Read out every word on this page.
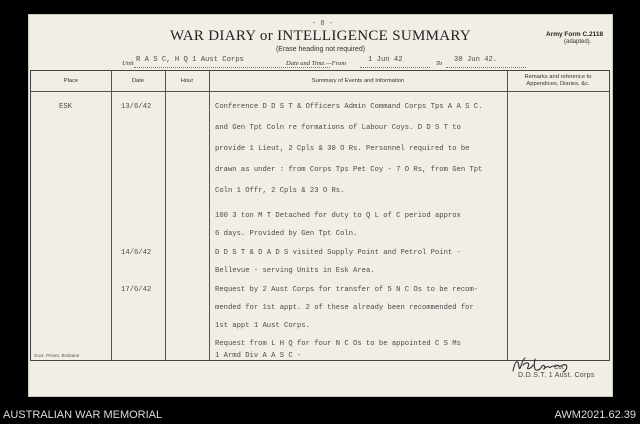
- 8 -
WAR DIARY or INTELLIGENCE SUMMARY
(Erase heading not required)
Army Form C.2118
(adapted).
Unit R A S C, H Q 1 Aust Corps	Date and Time.—From	1 Jun 42	To 30 Jun 42.
Place	Date	Hour	Summary of Events and Information
Remarks and reference to Appendices, Diaries, &c.
ESK	13/6/42	Conference D D S T & Officers Admin Command Corps Tps A A S C.
and Gen Tpt Coln re formations of Labour Coys. D D S T to
provide 1 Lieut, 2 Cpls & 30 O Rs. Personnel required to be
drawn as under : from Corps Tps Pet Coy - 7 O Rs, from Gen Tpt
Coln 1 Offr, 2 Cpls & 23 O Rs.
100 3 ton M T Detached for duty to Q L of C period approx
6 days. Provided by Gen Tpt Coln.
14/6/42	D D S T & D A D S visited Supply Point and Petrol Point -
Bellevue - serving Units in Esk Area.
17/6/42	Request by 2 Aust Corps for transfer of 5 N C Os to be recom-
mended for 1st appt. 2 of these already been recommended for
1st appt 1 Aust Corps.
Request from L H Q for four N C Os to be appointed C S Ms
1 Armd Div A A S C -
Govt. Printer, Brisbane
Col.
D.D.S.T. 1 Aust. Corps
AUSTRALIAN WAR MEMORIAL	AWM2021.62.39
